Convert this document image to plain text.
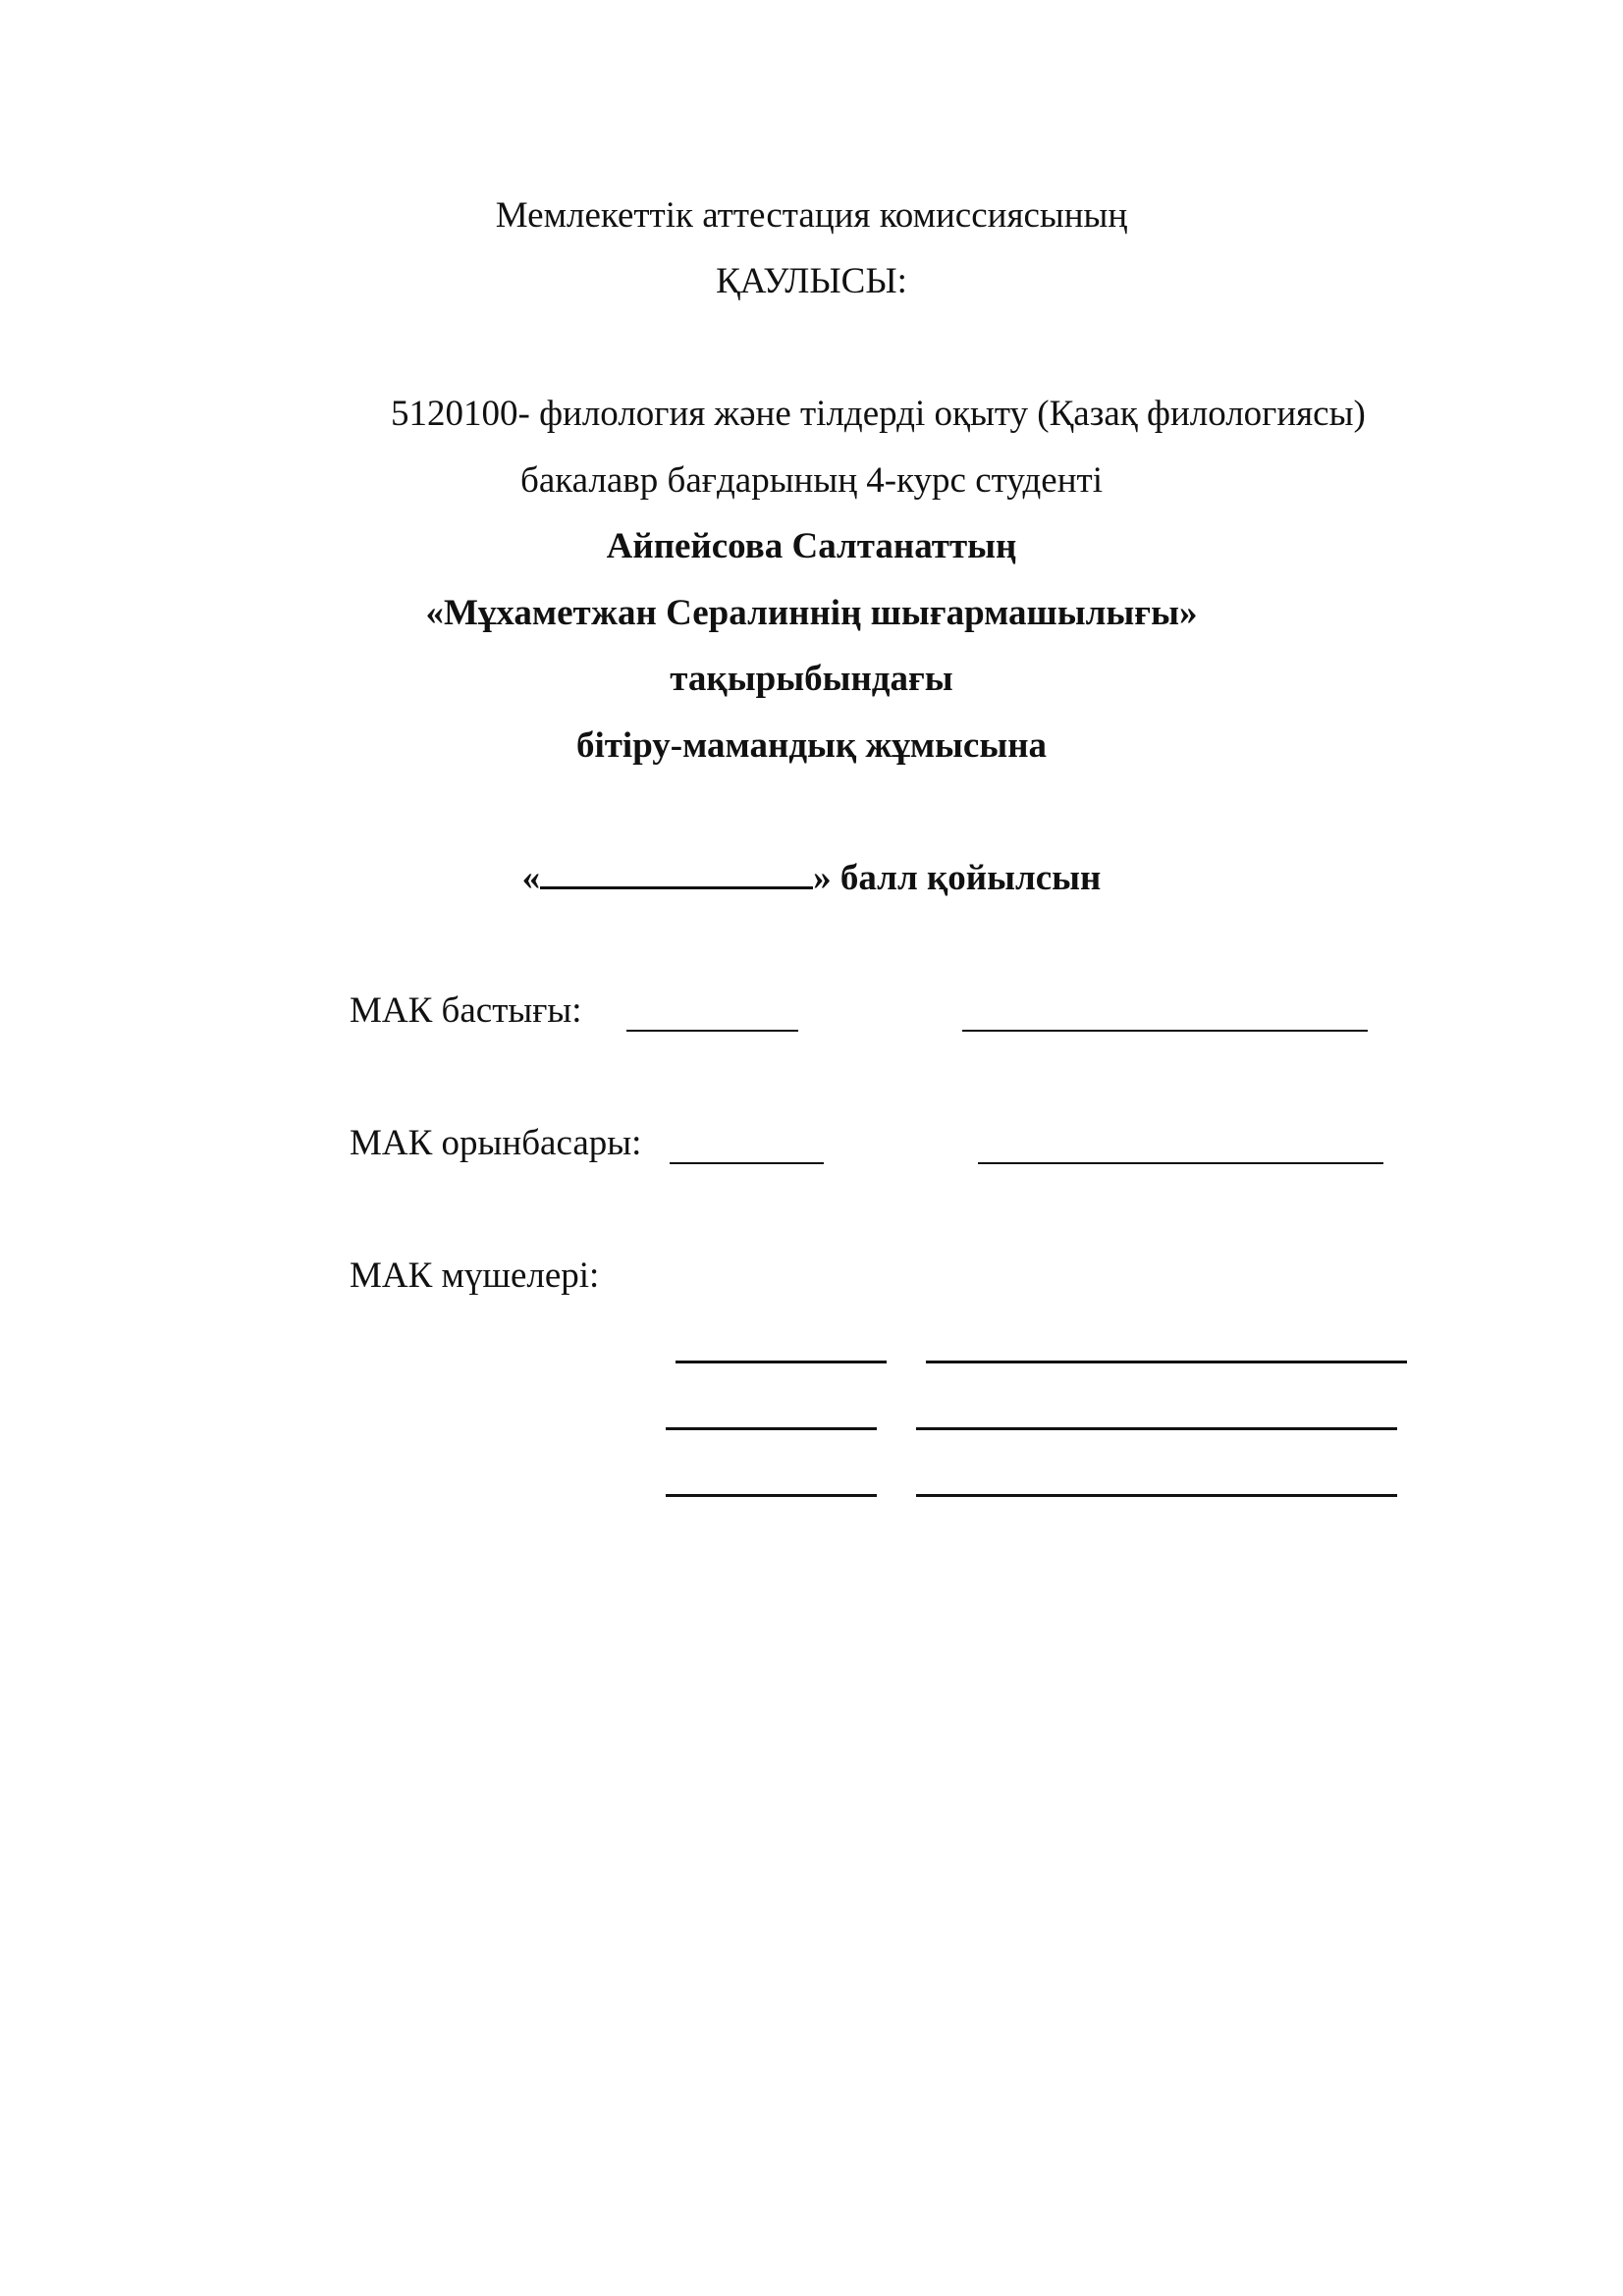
Мемлекеттік аттестация комиссиясының
ҚАУЛЫСЫ:
5120100- филология және тілдерді оқыту (Қазақ филологиясы)
бакалавр бағдарының 4-курс студенті
Айпейсова Салтанаттың
«Мұхаметжан Сералиннің шығармашылығы»
тақырыбындағы
бітіру-мамандық жұмысына
«	» балл қойылсын
МАК бастығы:
МАК орынбасары:
МАК мүшелері:
